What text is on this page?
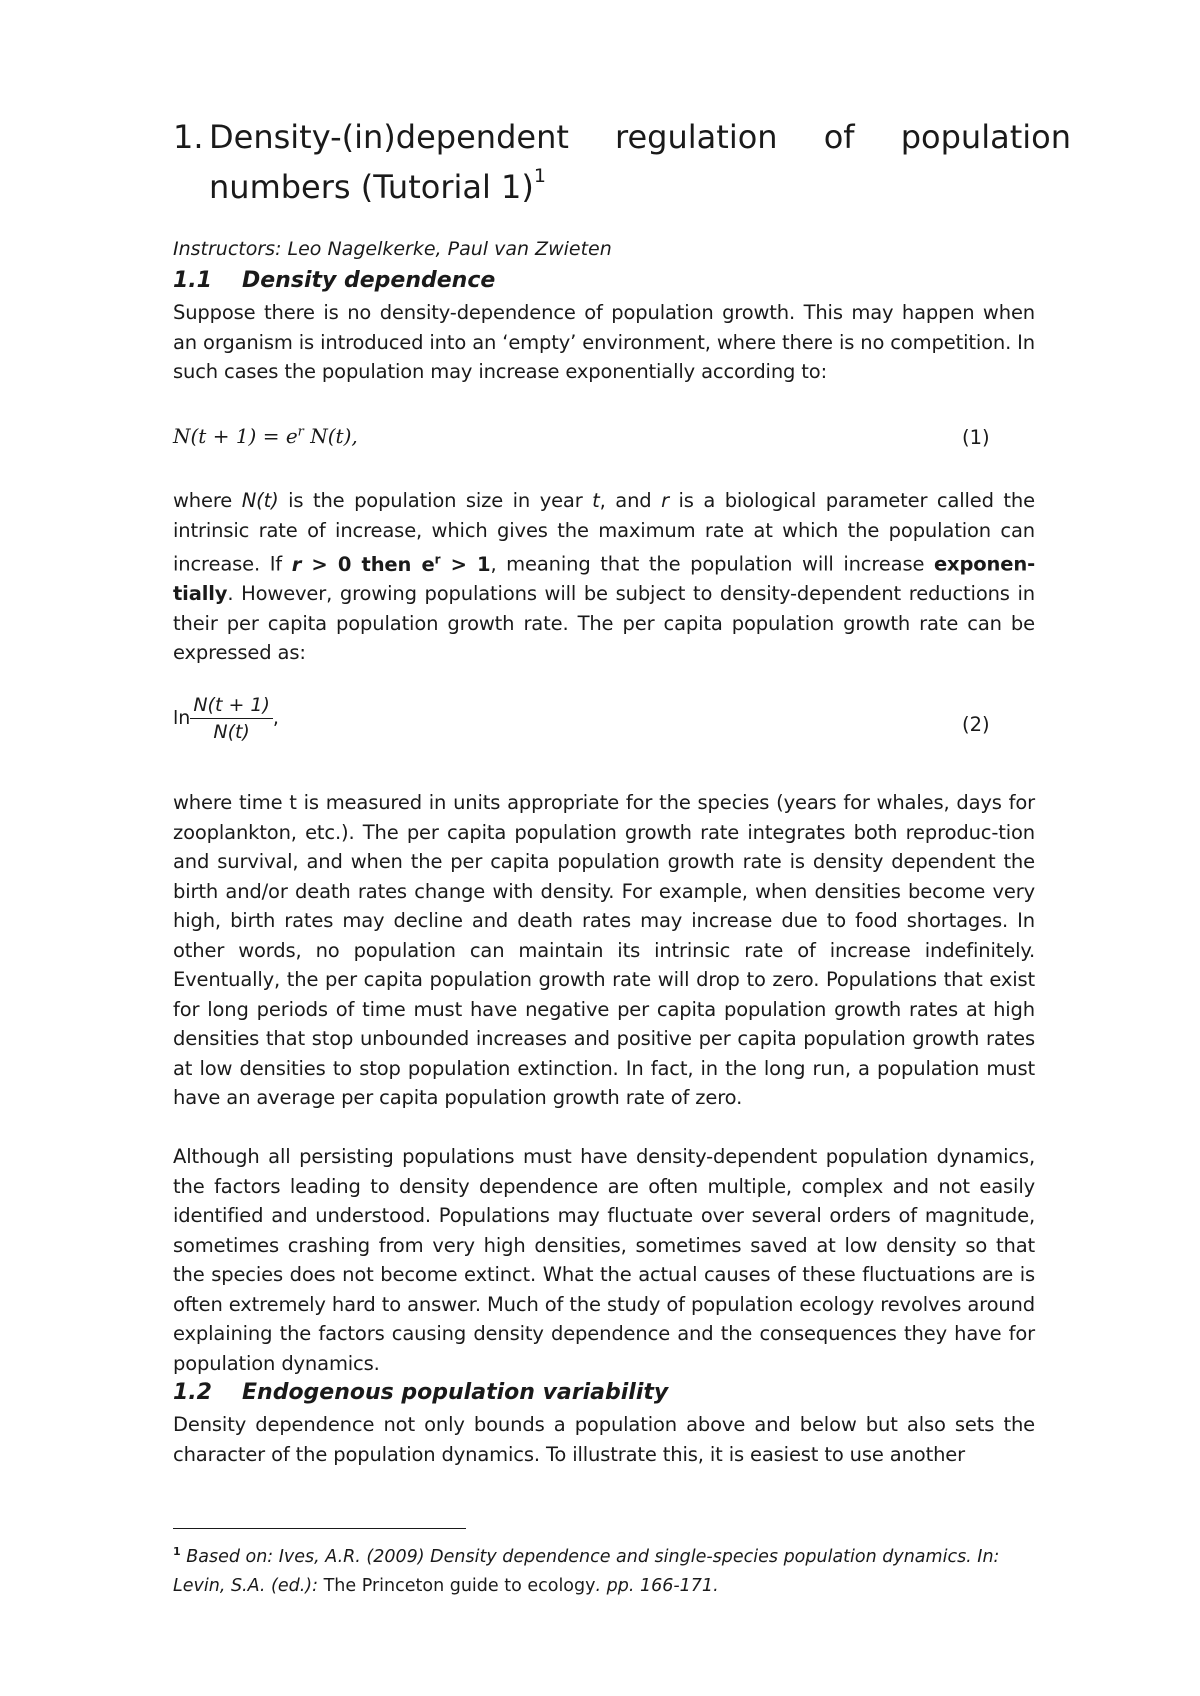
1. Density-(in)dependent regulation of population numbers (Tutorial 1)$^1$
Instructors: Leo Nagelkerke, Paul van Zwieten
1.1 Density dependence

Suppose there is no density-dependence of population growth. This may happen when an organism is introduced into an ‘empty’ environment, where there is no competition. In such cases the population may increase exponentially according to:

$N(t + 1) = e^r$ N(t),	(1)

where N(t) is the population size in year t, and r is a biological parameter called the intrinsic rate of increase, which gives the maximum rate at which the population can increase. If r > 0 then $e^r > 1$, meaning that the population will increase exponen-tially. However, growing populations will be subject to density-dependent reductions in their per capita population growth rate. The per capita population growth rate can be expressed as:

$\ln \frac{N(t + 1)}{N(t)}$ ,	(2)

where time t is measured in units appropriate for the species (years for whales, days for zooplankton, etc.). The per capita population growth rate integrates both reproduc-tion and survival, and when the per capita population growth rate is density dependent the birth and/or death rates change with density. For example, when densities become very high, birth rates may decline and death rates may increase due to food shortages. In other words, no population can maintain its intrinsic rate of increase indefinitely. Eventually, the per capita population growth rate will drop to zero. Populations that exist for long periods of time must have negative per capita population growth rates at high densities that stop unbounded increases and positive per capita population growth rates at low densities to stop population extinction. In fact, in the long run, a population must have an average per capita population growth rate of zero.

Although all persisting populations must have density-dependent population dynamics, the factors leading to density dependence are often multiple, complex and not easily identified and understood. Populations may fluctuate over several orders of magnitude, sometimes crashing from very high densities, sometimes saved at low density so that the species does not become extinct. What the actual causes of these fluctuations are is often extremely hard to answer. Much of the study of population ecology revolves around explaining the factors causing density dependence and the consequences they have for population dynamics.

1.2 Endogenous population variability

Density dependence not only bounds a population above and below but also sets the character of the population dynamics. To illustrate this, it is easiest to use another

$^1$ Based on: Ives, A.R. (2009) Density dependence and single-species population dynamics. In: Levin, S.A. (ed.): The Princeton guide to ecology. pp. 166-171.
